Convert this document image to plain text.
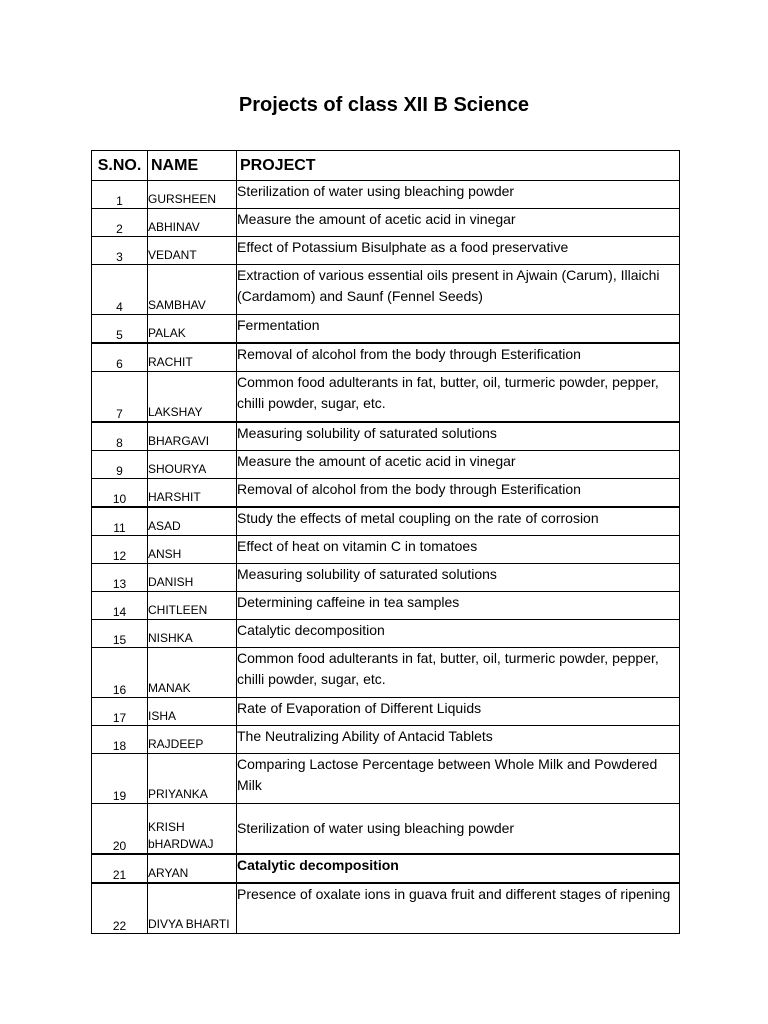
Projects of class XII B Science
S.NO.	NAME	PROJECT
1	GURSHEEN	Sterilization of water using bleaching powder
2	ABHINAV	Measure the amount of acetic acid in vinegar
3	VEDANT	Effect of Potassium Bisulphate as a food preservative
4	SAMBHAV	Extraction of various essential oils present in Ajwain (Carum), Illaichi (Cardamom) and Saunf (Fennel Seeds)
5	PALAK	Fermentation
6	RACHIT	Removal of alcohol from the body through Esterification
7	LAKSHAY	Common food adulterants in fat, butter, oil, turmeric powder, pepper, chilli powder, sugar, etc.
8	BHARGAVI	Measuring solubility of saturated solutions
9	SHOURYA	Measure the amount of acetic acid in vinegar
10	HARSHIT	Removal of alcohol from the body through Esterification
11	ASAD	Study the effects of metal coupling on the rate of corrosion
12	ANSH	Effect of heat on vitamin C in tomatoes
13	DANISH	Measuring solubility of saturated solutions
14	CHITLEEN	Determining caffeine in tea samples
15	NISHKA	Catalytic decomposition
16	MANAK	Common food adulterants in fat, butter, oil, turmeric powder, pepper, chilli powder, sugar, etc.
17	ISHA	Rate of Evaporation of Different Liquids
18	RAJDEEP	The Neutralizing Ability of Antacid Tablets
19	PRIYANKA	Comparing Lactose Percentage between Whole Milk and Powdered Milk
20	KRISH bHARDWAJ	Sterilization of water using bleaching powder
21	ARYAN	Catalytic decomposition
22	DIVYA BHARTI	Presence of oxalate ions in guava fruit and different stages of ripening
